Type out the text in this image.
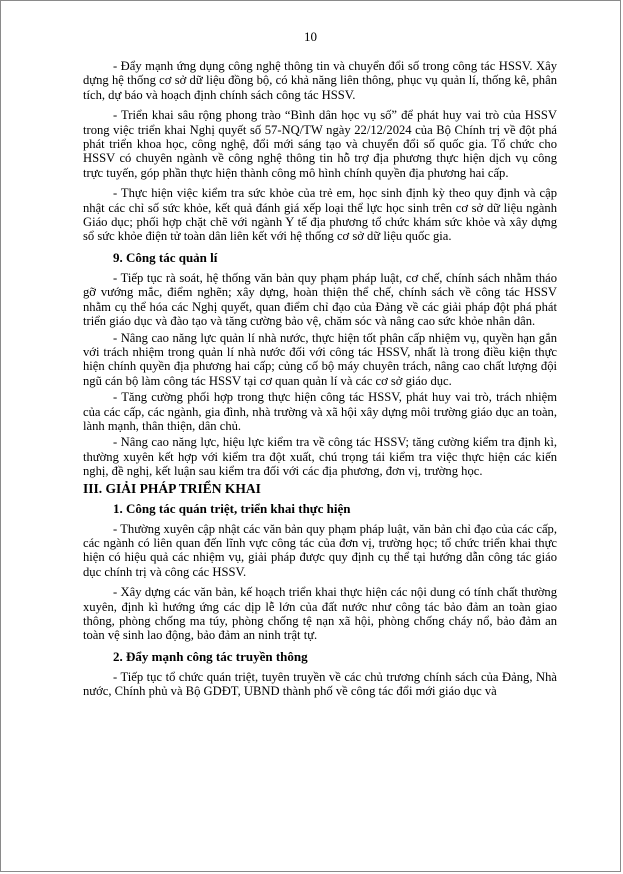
10

- Đẩy mạnh ứng dụng công nghệ thông tin và chuyển đổi số trong công tác HSSV. Xây dựng hệ thống cơ sở dữ liệu đồng bộ, có khả năng liên thông, phục vụ quản lí, thống kê, phân tích, dự báo và hoạch định chính sách công tác HSSV.

- Triển khai sâu rộng phong trào “Bình dân học vụ số” để phát huy vai trò của HSSV trong việc triển khai Nghị quyết số 57-NQ/TW ngày 22/12/2024 của Bộ Chính trị về đột phá phát triển khoa học, công nghệ, đổi mới sáng tạo và chuyển đổi số quốc gia. Tổ chức cho HSSV có chuyên ngành về công nghệ thông tin hỗ trợ địa phương thực hiện dịch vụ công trực tuyến, góp phần thực hiện thành công mô hình chính quyền địa phương hai cấp.

- Thực hiện việc kiểm tra sức khỏe của trẻ em, học sinh định kỳ theo quy định và cập nhật các chỉ số sức khỏe, kết quả đánh giá xếp loại thể lực học sinh trên cơ sở dữ liệu ngành Giáo dục; phối hợp chặt chẽ với ngành Y tế địa phương tổ chức khám sức khỏe và xây dựng sổ sức khỏe điện tử toàn dân liên kết với hệ thống cơ sở dữ liệu quốc gia.

9. Công tác quản lí

- Tiếp tục rà soát, hệ thống văn bản quy phạm pháp luật, cơ chế, chính sách nhằm tháo gỡ vướng mắc, điểm nghẽn; xây dựng, hoàn thiện thể chế, chính sách về công tác HSSV nhằm cụ thể hóa các Nghị quyết, quan điểm chỉ đạo của Đảng về các giải pháp đột phá phát triển giáo dục và đào tạo và tăng cường bảo vệ, chăm sóc và nâng cao sức khỏe nhân dân.

- Nâng cao năng lực quản lí nhà nước, thực hiện tốt phân cấp nhiệm vụ, quyền hạn gắn với trách nhiệm trong quản lí nhà nước đối với công tác HSSV, nhất là trong điều kiện thực hiện chính quyền địa phương hai cấp; củng cố bộ máy chuyên trách, nâng cao chất lượng đội ngũ cán bộ làm công tác HSSV tại cơ quan quản lí và các cơ sở giáo dục.

- Tăng cường phối hợp trong thực hiện công tác HSSV, phát huy vai trò, trách nhiệm của các cấp, các ngành, gia đình, nhà trường và xã hội xây dựng môi trường giáo dục an toàn, lành mạnh, thân thiện, dân chủ.

- Nâng cao năng lực, hiệu lực kiểm tra về công tác HSSV; tăng cường kiểm tra định kì, thường xuyên kết hợp với kiểm tra đột xuất, chú trọng tái kiểm tra việc thực hiện các kiến nghị, đề nghị, kết luận sau kiểm tra đối với các địa phương, đơn vị, trường học.

III. GIẢI PHÁP TRIỂN KHAI
1. Công tác quán triệt, triển khai thực hiện

- Thường xuyên cập nhật các văn bản quy phạm pháp luật, văn bản chỉ đạo của các cấp, các ngành có liên quan đến lĩnh vực công tác của đơn vị, trường học; tổ chức triển khai thực hiện có hiệu quả các nhiệm vụ, giải pháp được quy định cụ thể tại hướng dẫn công tác giáo dục chính trị và công các HSSV.

- Xây dựng các văn bản, kế hoạch triển khai thực hiện các nội dung có tính chất thường xuyên, định kì hướng ứng các dịp lễ lớn của đất nước như công tác bảo đảm an toàn giao thông, phòng chống ma túy, phòng chống tệ nạn xã hội, phòng chống cháy nổ, bảo đảm an toàn vệ sinh lao động, bảo đảm an ninh trật tự.

2. Đẩy mạnh công tác truyền thông

- Tiếp tục tổ chức quán triệt, tuyên truyền về các chủ trương chính sách của Đảng, Nhà nước, Chính phủ và Bộ GDĐT, UBND thành phố về công tác đổi mới giáo dục và
